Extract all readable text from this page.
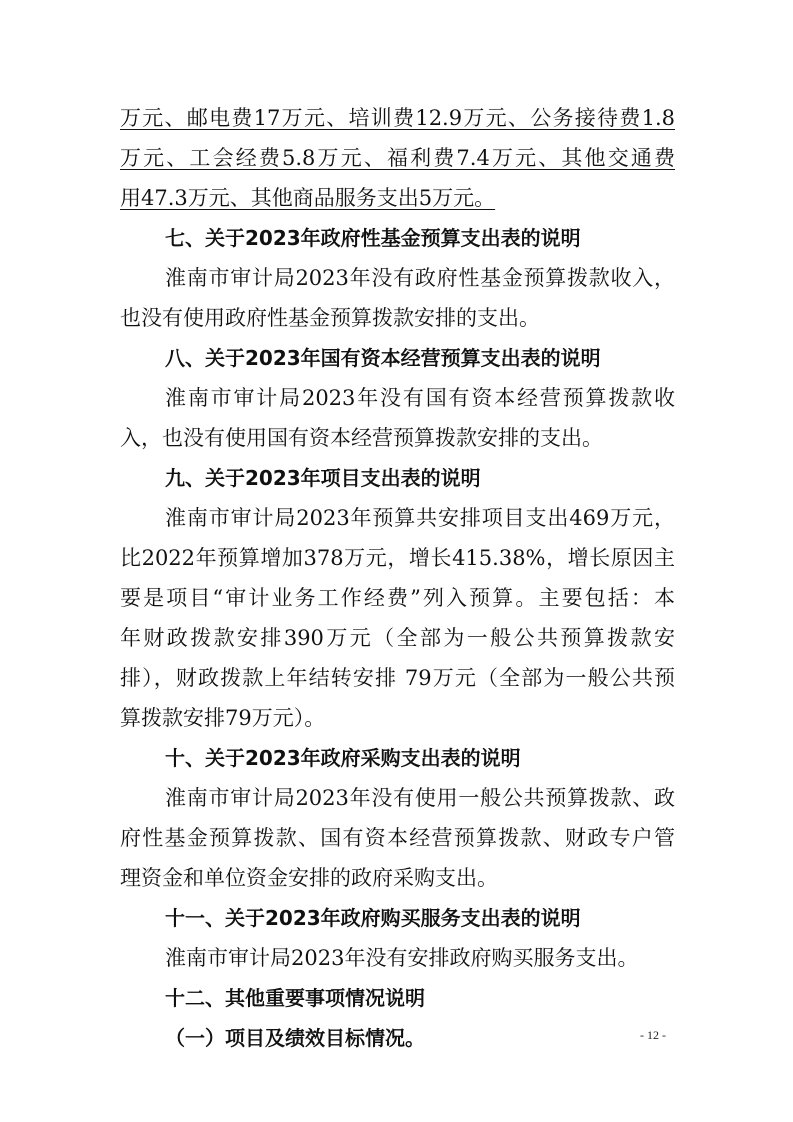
万元、邮电费17万元、培训费12.9万元、公务接待费1.8
万元、工会经费5.8万元、福利费7.4万元、其他交通费
用47.3万元、其他商品服务支出5万元。
七、关于2023年政府性基金预算支出表的说明
淮南市审计局2023年没有政府性基金预算拨款收入，
也没有使用政府性基金预算拨款安排的支出。
八、关于2023年国有资本经营预算支出表的说明
淮南市审计局2023年没有国有资本经营预算拨款收
入，也没有使用国有资本经营预算拨款安排的支出。
九、关于2023年项目支出表的说明
淮南市审计局2023年预算共安排项目支出469万元，
比2022年预算增加378万元，增长415.38%，增长原因主
要是项目“审计业务工作经费”列入预算。主要包括：本
年财政拨款安排390万元（全部为一般公共预算拨款安
排），财政拨款上年结转安排 79万元（全部为一般公共预
算拨款安排79万元）。
十、关于2023年政府采购支出表的说明
淮南市审计局2023年没有使用一般公共预算拨款、政
府性基金预算拨款、国有资本经营预算拨款、财政专户管
理资金和单位资金安排的政府采购支出。
十一、关于2023年政府购买服务支出表的说明
淮南市审计局2023年没有安排政府购买服务支出。
十二、其他重要事项情况说明
（一）项目及绩效目标情况。	- 12 -
